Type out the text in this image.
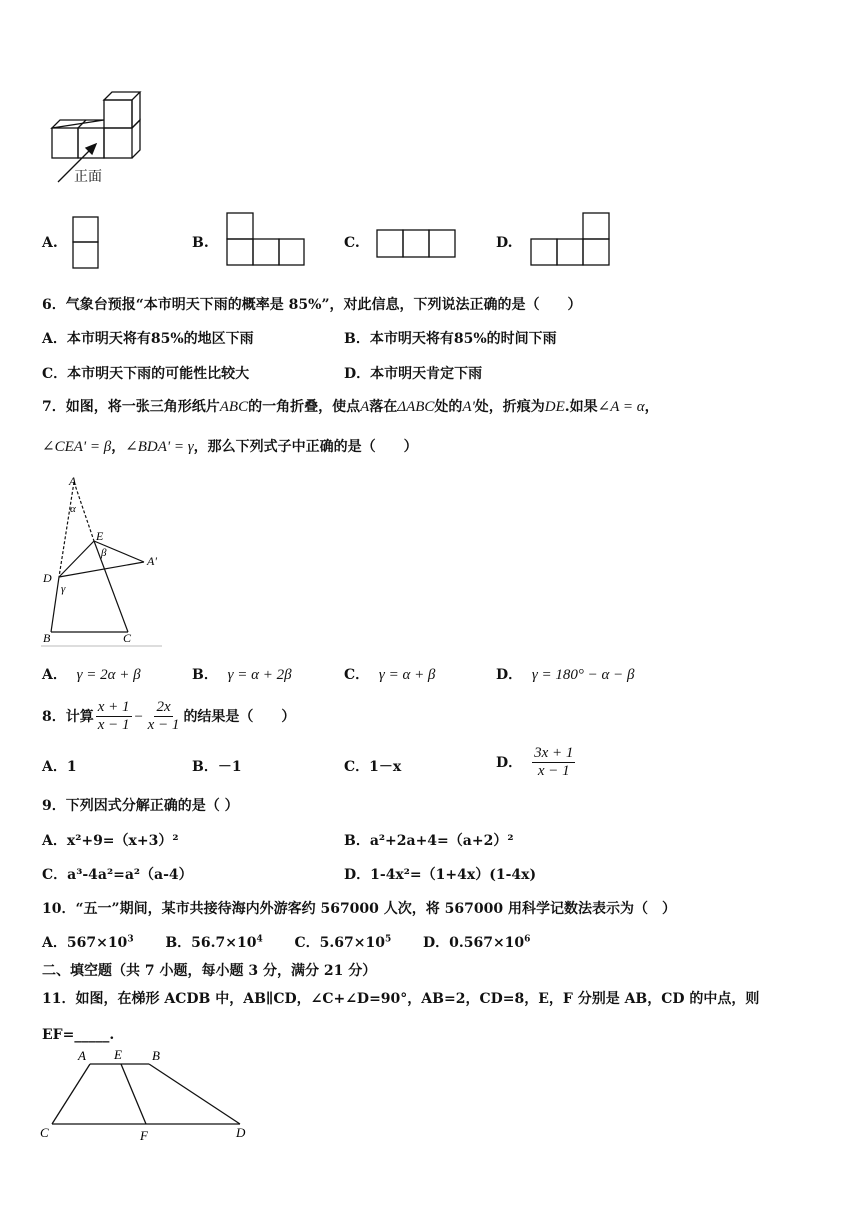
正面
A.	B.	C.	D.
6．气象台预报“本市明天下雨的概率是 85%”，对此信息，下列说法正确的是（　　）
A．本市明天将有85%的地区下雨	B．本市明天将有85%的时间下雨
C．本市明天下雨的可能性比较大	D．本市明天肯定下雨
7．如图，将一张三角形纸片ABC的一角折叠，使点A落在ΔABC处的A'处，折痕为DE.如果∠A = α，
∠CEA' = β，∠BDA' = γ，那么下列式子中正确的是（　　）
A
α
E
β
A'
D
γ
B	C
A． γ = 2α + β	B． γ = α + 2β	C． γ = α + β	D． γ = 180° − α − β
8．计算 $\frac{x + 1}{x - 1} - \frac{2x}{x - 1}$ 的结果是（　　）
A．1	B．－1	C．1－x	D． $\frac{3x + 1}{x - 1}$
9．下列因式分解正确的是（ ）
A．x²+9=（x+3）²	B．a²+2a+4=（a+2）²
C．a³-4a²=a²（a-4）	D．1-4x²=（1+4x）(1-4x)
10．“五一”期间，某市共接待海内外游客约 567000 人次，将 567000 用科学记数法表示为（　）
A．$567\times 10^3$ B．$56.7\times 10^4$ C．$5.67\times 10^5$ D．$0.567\times 10^6$
二、填空题（共 7 小题，每小题 3 分，满分 21 分）
11．如图，在梯形 ACDB 中，AB∥CD，∠C+∠D=90°，AB=2，CD=8，E，F 分别是 AB，CD 的中点，则
EF=_____.
A E B
C	F	D
